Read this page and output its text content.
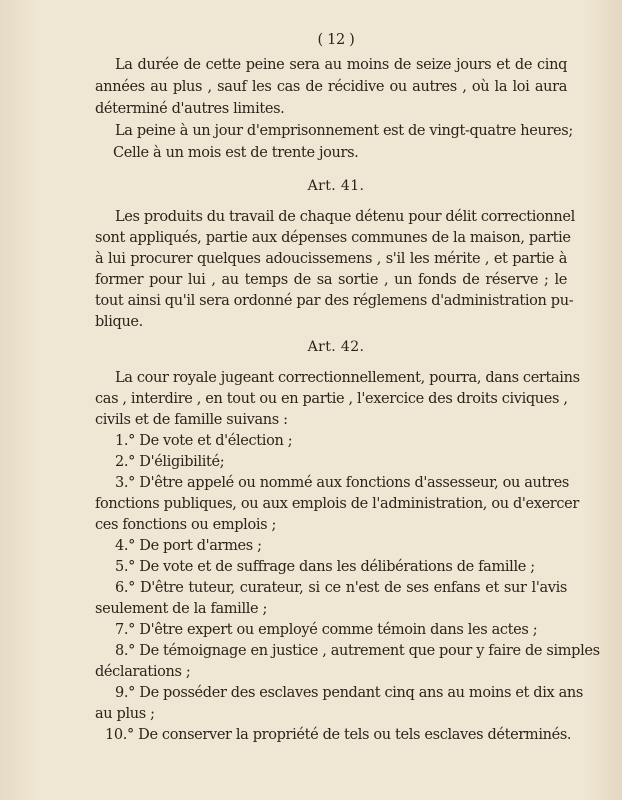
( 12 )
La durée de cette peine sera au moins de seize jours et de cinq
années au plus , sauf les cas de récidive ou autres , où la loi aura
déterminé d'autres limites.
La peine à un jour d'emprisonnement est de vingt-quatre heures;
Celle à un mois est de trente jours.
Art. 41.
Les produits du travail de chaque détenu pour délit correctionnel
sont appliqués, partie aux dépenses communes de la maison, partie
à lui procurer quelques adoucissemens , s'il les mérite , et partie à
former pour lui , au temps de sa sortie , un fonds de réserve ; le
tout ainsi qu'il sera ordonné par des réglemens d'administration pu-
blique.
Art. 42.
La cour royale jugeant correctionnellement, pourra, dans certains
cas , interdire , en tout ou en partie , l'exercice des droits civiques ,
civils et de famille suivans :
1.° De vote et d'élection ;
2.° D'éligibilité;
3.° D'être appelé ou nommé aux fonctions d'assesseur, ou autres
fonctions publiques, ou aux emplois de l'administration, ou d'exercer
ces fonctions ou emplois ;
4.° De port d'armes ;
5.° De vote et de suffrage dans les délibérations de famille ;
6.° D'être tuteur, curateur, si ce n'est de ses enfans et sur l'avis
seulement de la famille ;
7.° D'être expert ou employé comme témoin dans les actes ;
8.° De témoignage en justice , autrement que pour y faire de simples
déclarations ;
9.° De posséder des esclaves pendant cinq ans au moins et dix ans
au plus ;
10.° De conserver la propriété de tels ou tels esclaves déterminés.
